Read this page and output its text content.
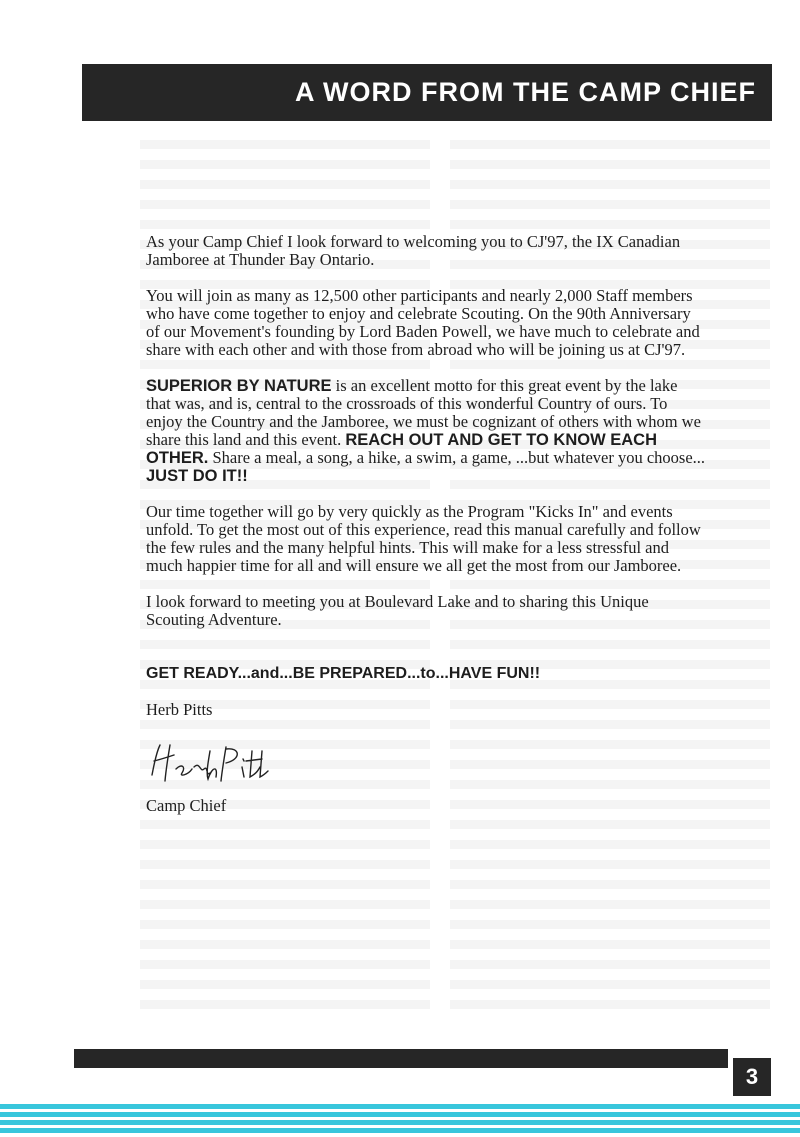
A WORD FROM THE CAMP CHIEF

As your Camp Chief I look forward to welcoming you to CJ'97, the IX Canadian Jamboree at Thunder Bay Ontario.

You will join as many as 12,500 other participants and nearly 2,000 Staff members who have come together to enjoy and celebrate Scouting. On the 90th Anniversary of our Movement's founding by Lord Baden Powell, we have much to celebrate and share with each other and with those from abroad who will be joining us at CJ'97.

SUPERIOR BY NATURE is an excellent motto for this great event by the lake that was, and is, central to the crossroads of this wonderful Country of ours. To enjoy the Country and the Jamboree, we must be cognizant of others with whom we share this land and this event. REACH OUT AND GET TO KNOW EACH OTHER. Share a meal, a song, a hike, a swim, a game, ...but whatever you choose...
JUST DO IT!!

Our time together will go by very quickly as the Program "Kicks In" and events unfold. To get the most out of this experience, read this manual carefully and follow the few rules and the many helpful hints. This will make for a less stressful and much happier time for all and will ensure we all get the most from our Jamboree.

I look forward to meeting you at Boulevard Lake and to sharing this Unique Scouting Adventure.

GET READY...and...BE PREPARED...to...HAVE FUN!!

Herb Pitts

Camp Chief

3
